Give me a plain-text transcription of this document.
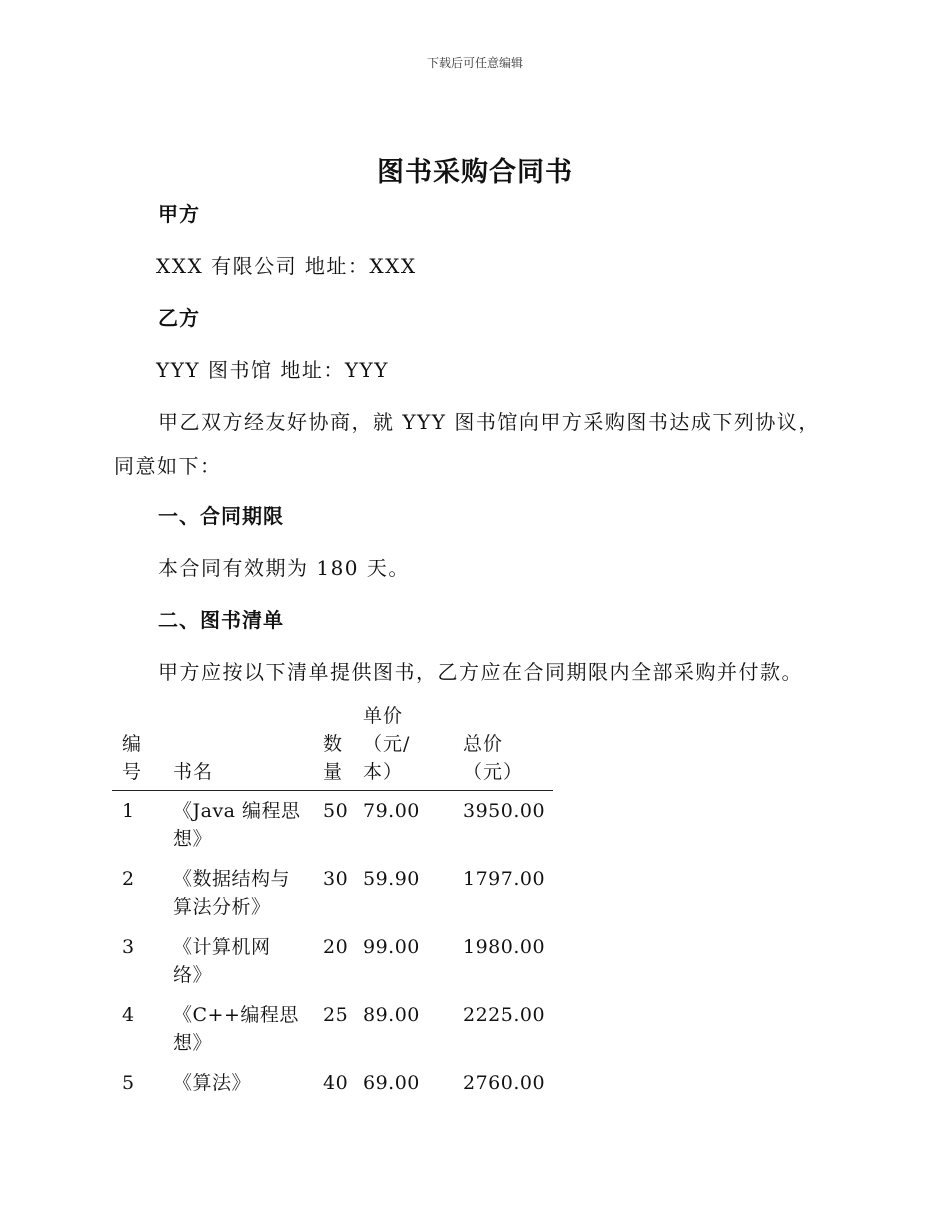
下载后可任意编辑
图书采购合同书
甲方
XXX 有限公司 地址：XXX
乙方
YYY 图书馆 地址：YYY
甲乙双方经友好协商，就 YYY 图书馆向甲方采购图书达成下列协议，
同意如下：
一、合同期限
本合同有效期为 180 天。
二、图书清单
甲方应按以下清单提供图书，乙方应在合同期限内全部采购并付款。
编号	书名	数量	单价（元/本）	总价（元）

1	《Java 编程思想》	50	79.00	3950.00
2	《数据结构与算法分析》	30	59.90	1797.00
3	《计算机网络》	20	99.00	1980.00
4	《C++编程思想》	25	89.00	2225.00
5	《算法》	40	69.00	2760.00
